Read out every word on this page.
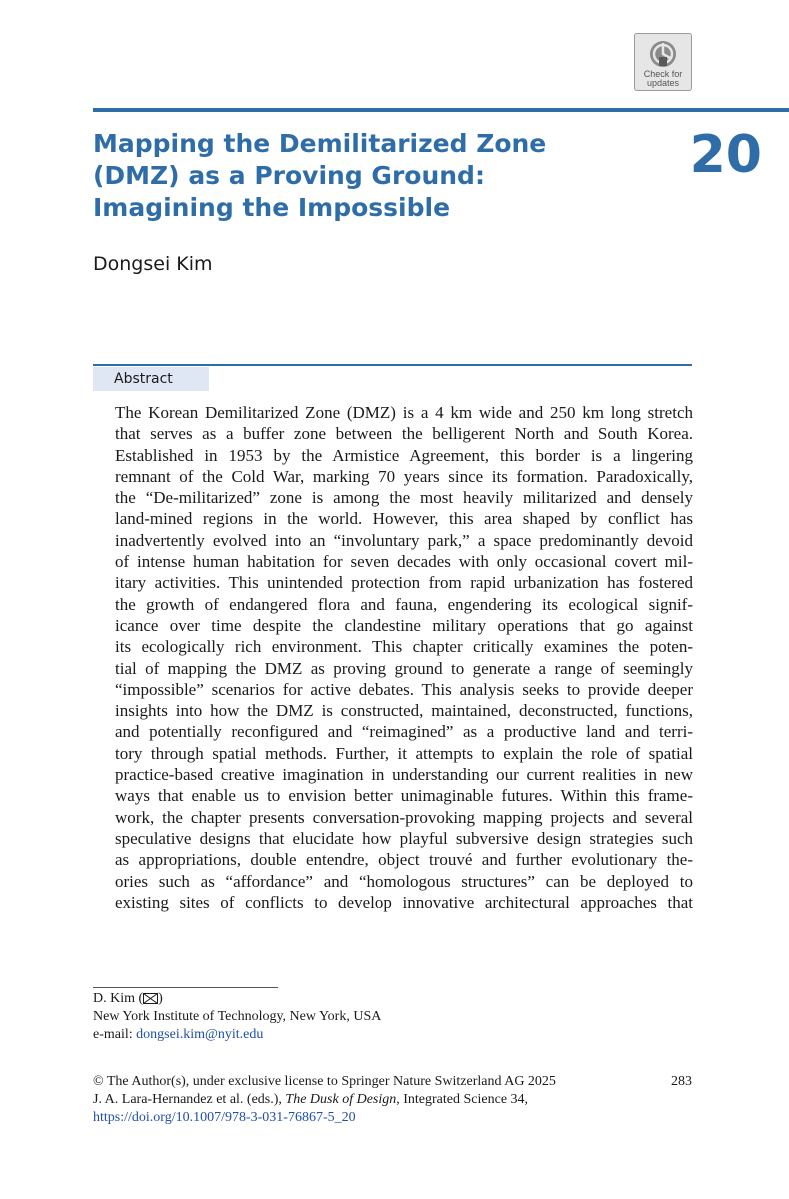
Check for
updates
Mapping the Demilitarized Zone
(DMZ) as a Proving Ground:
Imagining the Impossible
20
Dongsei Kim
Abstract
The Korean Demilitarized Zone (DMZ) is a 4 km wide and 250 km long stretch
that serves as a buffer zone between the belligerent North and South Korea.
Established in 1953 by the Armistice Agreement, this border is a lingering
remnant of the Cold War, marking 70 years since its formation. Paradoxically,
the “De-militarized” zone is among the most heavily militarized and densely
land-mined regions in the world. However, this area shaped by conflict has
inadvertently evolved into an “involuntary park,” a space predominantly devoid
of intense human habitation for seven decades with only occasional covert mil-
itary activities. This unintended protection from rapid urbanization has fostered
the growth of endangered flora and fauna, engendering its ecological signif-
icance over time despite the clandestine military operations that go against
its ecologically rich environment. This chapter critically examines the poten-
tial of mapping the DMZ as proving ground to generate a range of seemingly
“impossible” scenarios for active debates. This analysis seeks to provide deeper
insights into how the DMZ is constructed, maintained, deconstructed, functions,
and potentially reconfigured and “reimagined” as a productive land and terri-
tory through spatial methods. Further, it attempts to explain the role of spatial
practice-based creative imagination in understanding our current realities in new
ways that enable us to envision better unimaginable futures. Within this frame-
work, the chapter presents conversation-provoking mapping projects and several
speculative designs that elucidate how playful subversive design strategies such
as appropriations, double entendre, object trouvé and further evolutionary the-
ories such as “affordance” and “homologous structures” can be deployed to
existing sites of conflicts to develop innovative architectural approaches that
D. Kim ( )
New York Institute of Technology, New York, USA
e-mail: dongsei.kim@nyit.edu
© The Author(s), under exclusive license to Springer Nature Switzerland AG 2025
J. A. Lara-Hernandez et al. (eds.), The Dusk of Design, Integrated Science 34,
https://doi.org/10.1007/978-3-031-76867-5_20
283
